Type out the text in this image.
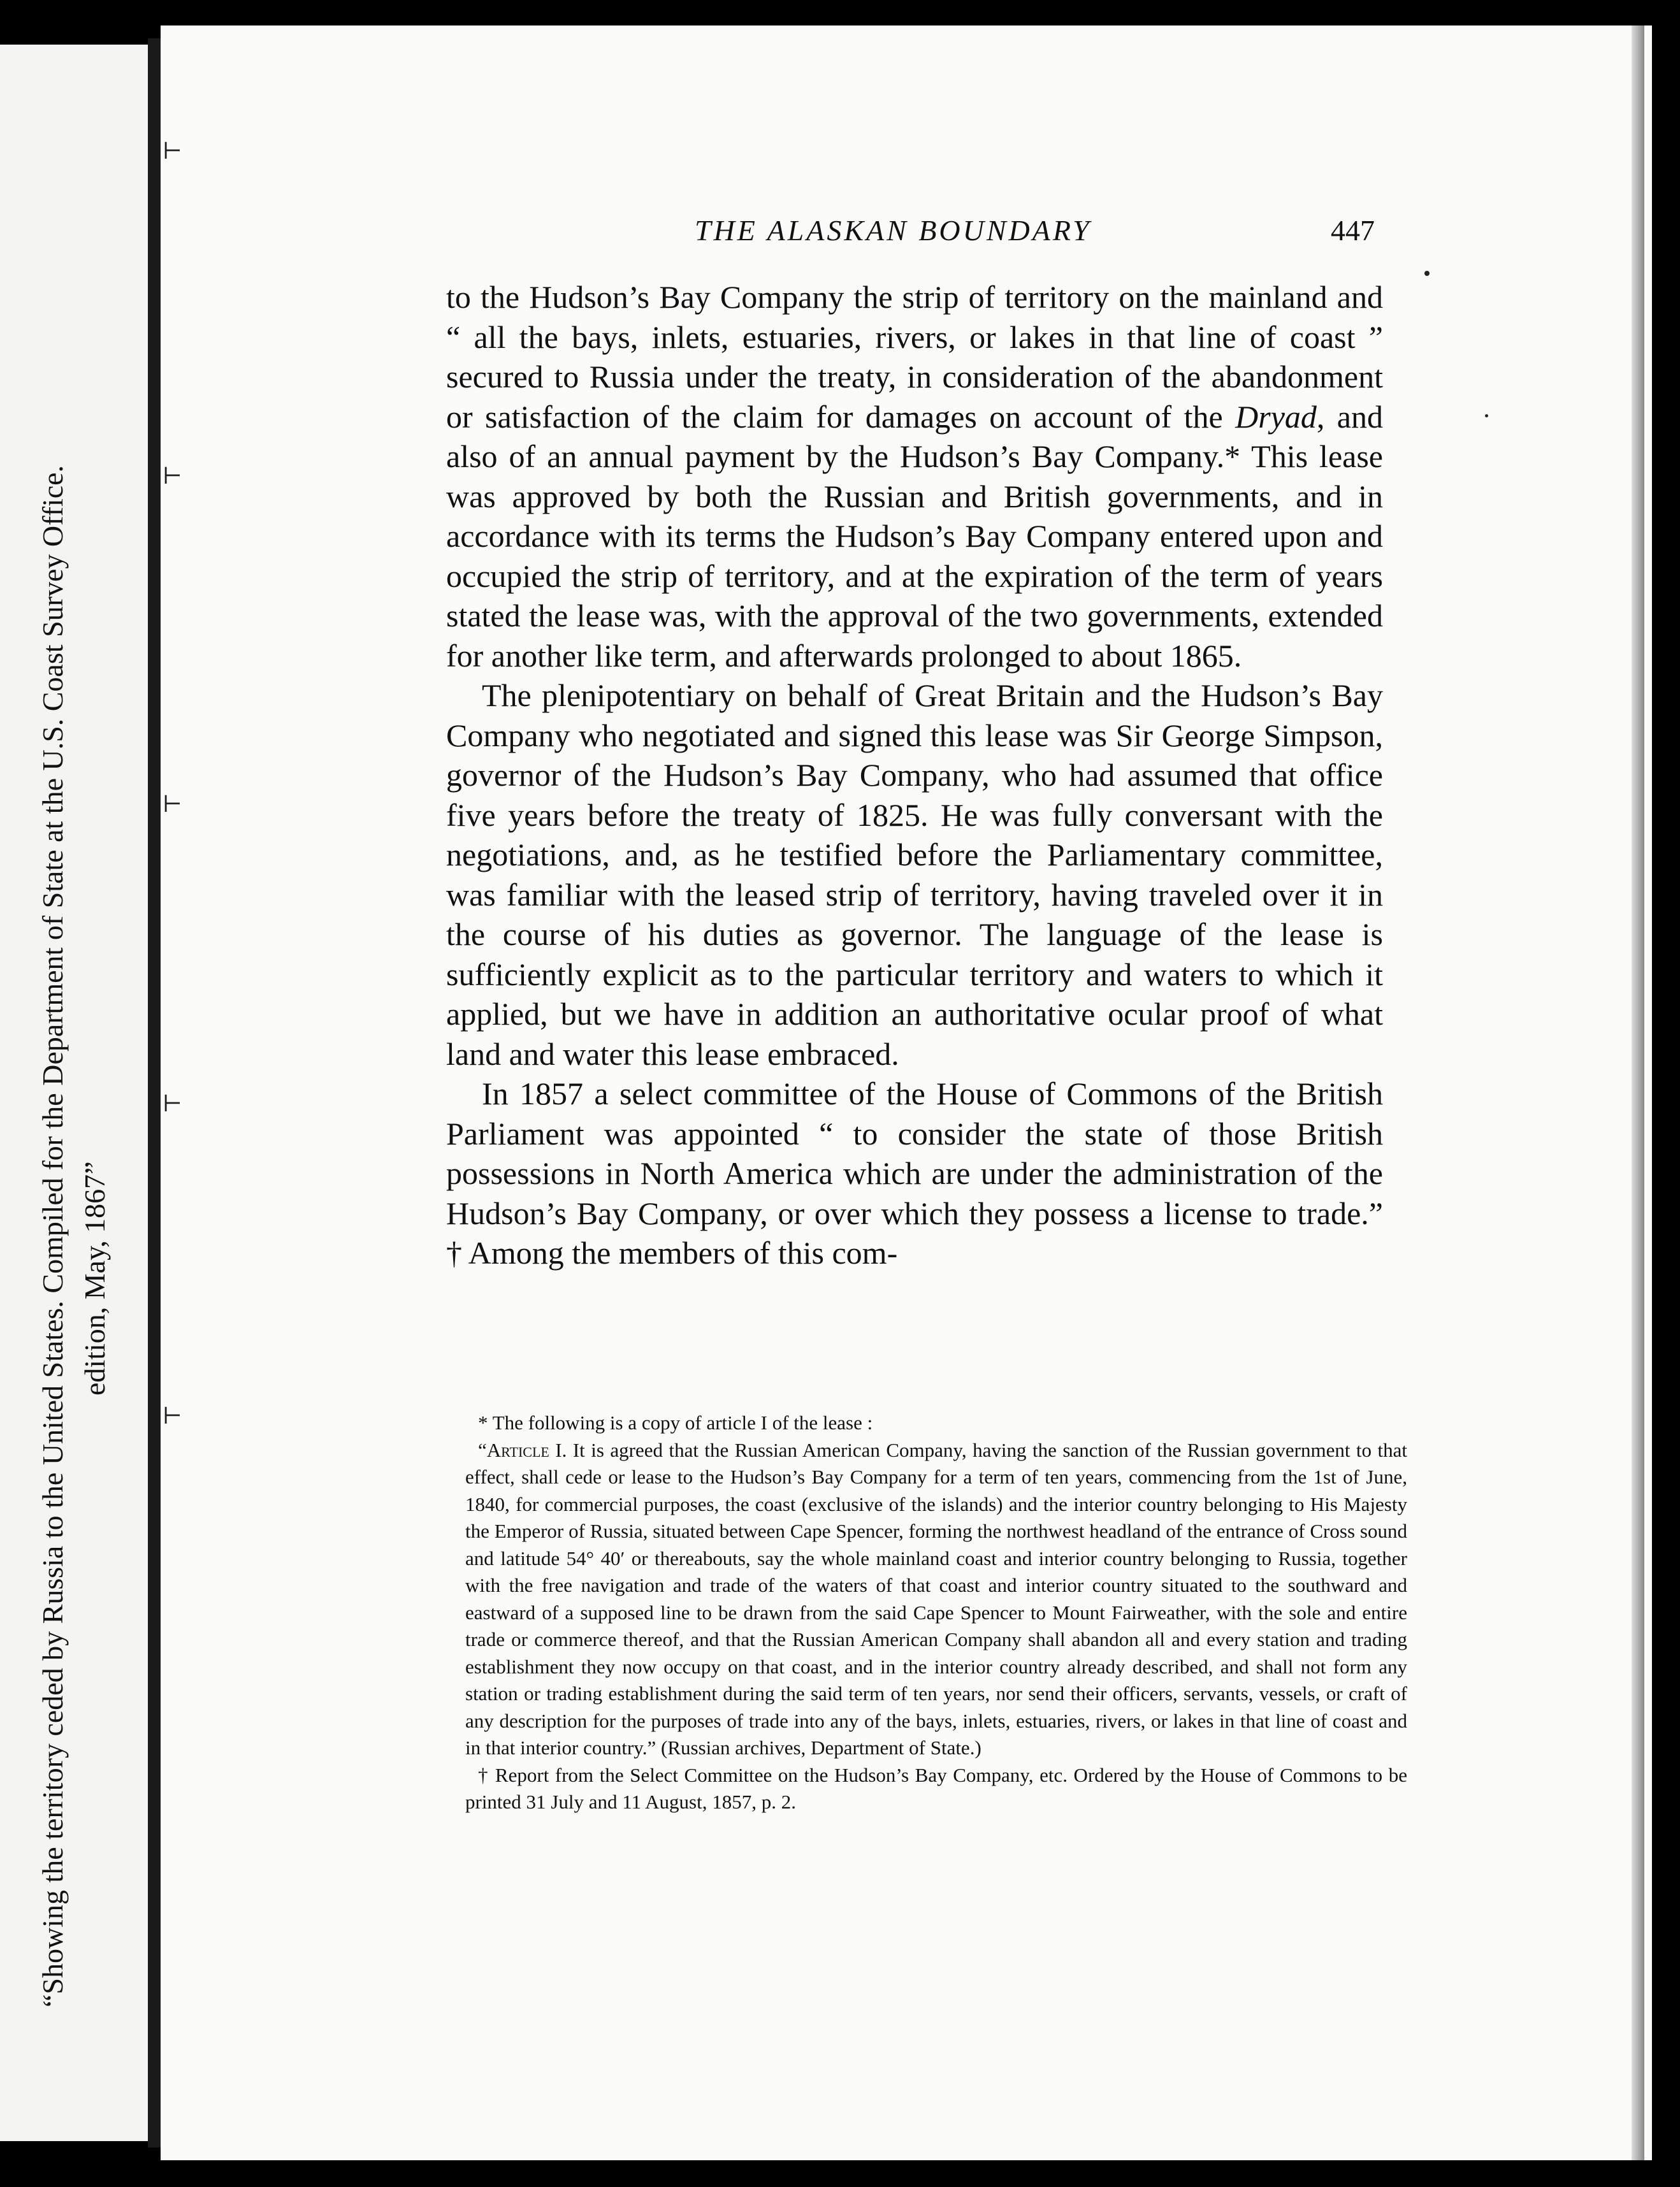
“Showing the territory ceded by Russia to the United States. Compiled for the Department of State at the U.S. Coast Survey Office. edition, May, 1867”
⊢
⊢
⊢
⊢
⊢
THE ALASKAN BOUNDARY	447

to the Hudson’s Bay Company the strip of territory on the mainland and “ all the bays, inlets, estuaries, rivers, or lakes in that line of coast ” secured to Russia under the treaty, in consideration of the abandonment or satisfaction of the claim for damages on account of the Dryad, and also of an annual payment by the Hudson’s Bay Company.* This lease was approved by both the Russian and British governments, and in accordance with its terms the Hudson’s Bay Company entered upon and occupied the strip of territory, and at the expiration of the term of years stated the lease was, with the approval of the two governments, extended for another like term, and afterwards prolonged to about 1865.

The plenipotentiary on behalf of Great Britain and the Hudson’s Bay Company who negotiated and signed this lease was Sir George Simpson, governor of the Hudson’s Bay Company, who had assumed that office five years before the treaty of 1825. He was fully conversant with the negotiations, and, as he testified before the Parliamentary committee, was familiar with the leased strip of territory, having traveled over it in the course of his duties as governor. The language of the lease is sufficiently explicit as to the particular territory and waters to which it applied, but we have in addition an authoritative ocular proof of what land and water this lease embraced.

In 1857 a select committee of the House of Commons of the British Parliament was appointed “ to consider the state of those British possessions in North America which are under the administration of the Hudson’s Bay Company, or over which they possess a license to trade.” † Among the members of this com-

* The following is a copy of article I of the lease :

“Article I. It is agreed that the Russian American Company, having the sanction of the Russian government to that effect, shall cede or lease to the Hudson’s Bay Company for a term of ten years, commencing from the 1st of June, 1840, for commercial purposes, the coast (exclusive of the islands) and the interior country belonging to His Majesty the Emperor of Russia, situated between Cape Spencer, forming the northwest headland of the entrance of Cross sound and latitude 54° 40′ or thereabouts, say the whole mainland coast and interior country belonging to Russia, together with the free navigation and trade of the waters of that coast and interior country situated to the southward and eastward of a supposed line to be drawn from the said Cape Spencer to Mount Fairweather, with the sole and entire trade or commerce thereof, and that the Russian American Company shall abandon all and every station and trading establishment they now occupy on that coast, and in the interior country already described, and shall not form any station or trading establishment during the said term of ten years, nor send their officers, servants, vessels, or craft of any description for the purposes of trade into any of the bays, inlets, estuaries, rivers, or lakes in that line of coast and in that interior country.” (Russian archives, Department of State.)

† Report from the Select Committee on the Hudson’s Bay Company, etc. Ordered by the House of Commons to be printed 31 July and 11 August, 1857, p. 2.
